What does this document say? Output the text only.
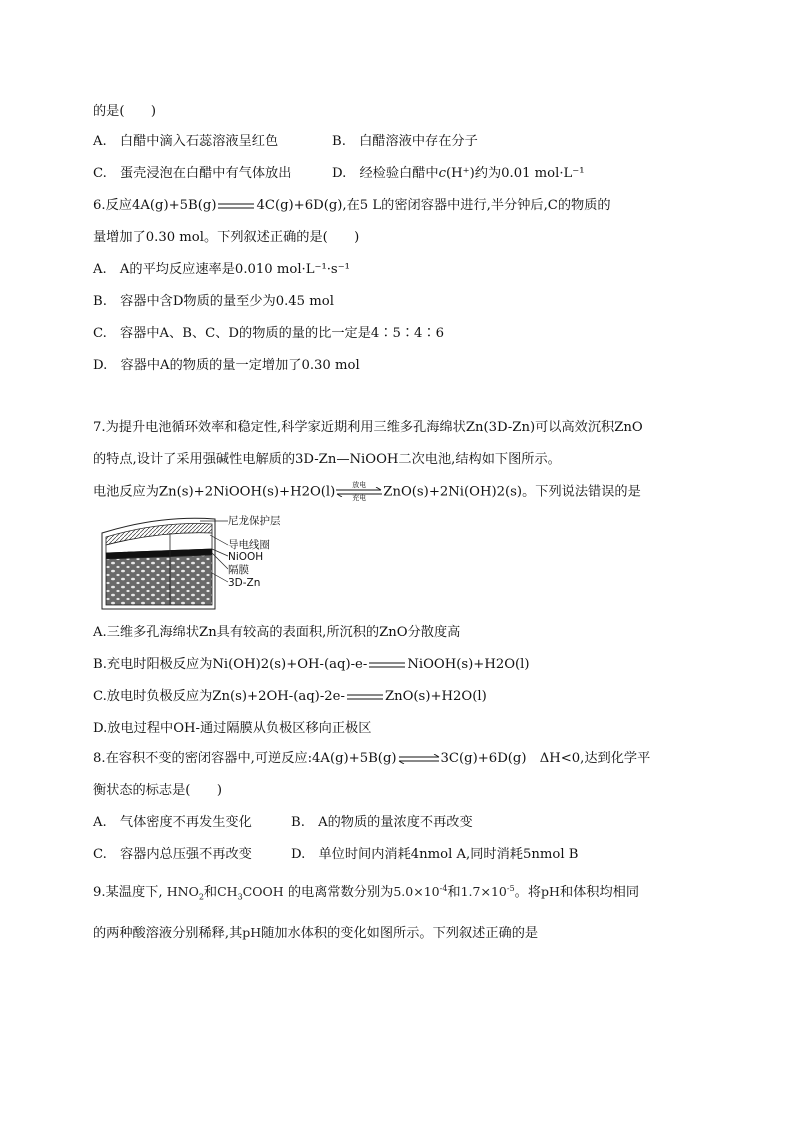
的是(　　)
A.　白醋中滴入石蕊溶液呈红色	B.　白醋溶液中存在分子
C.　蛋壳浸泡在白醋中有气体放出	D.　经检验白醋中c(H⁺)约为0.01 mol·L⁻¹
6.反应4A(g)+5B(g)	4C(g)+6D(g),在5 L的密闭容器中进行,半分钟后,C的物质的
量增加了0.30 mol。下列叙述正确的是(　　)
A.　A的平均反应速率是0.010 mol·L⁻¹·s⁻¹
B.　容器中含D物质的量至少为0.45 mol
C.　容器中A、B、C、D的物质的量的比一定是4∶5∶4∶6
D.　容器中A的物质的量一定增加了0.30 mol
7.为提升电池循环效率和稳定性,科学家近期利用三维多孔海绵状Zn(3D-Zn)可以高效沉积ZnO
的特点,设计了采用强碱性电解质的3D-Zn—NiOOH二次电池,结构如下图所示。
电池反应为Zn(s)+2NiOOH(s)+H2O(l)	放电
充电	ZnO(s)+2Ni(OH)2(s)。下列说法错误的是
尼龙保护层
导电线圈
NiOOH
隔膜
3D-Zn
A.三维多孔海绵状Zn具有较高的表面积,所沉积的ZnO分散度高
B.充电时阳极反应为Ni(OH)2(s)+OH-(aq)-e-	NiOOH(s)+H2O(l)
C.放电时负极反应为Zn(s)+2OH-(aq)-2e-	ZnO(s)+H2O(l)
D.放电过程中OH-通过隔膜从负极区移向正极区
8.在容积不变的密闭容器中,可逆反应:4A(g)+5B(g)⇌3C(g)+6D(g)　ΔH<0,达到化学平
衡状态的标志是(　　)
A.　气体密度不再发生变化	B.　A的物质的量浓度不再改变
C.　容器内总压强不再改变	D.　单位时间内消耗4nmol A,同时消耗5nmol B
9.某温度下, $HNO_2$和$CH_3COOH$ 的电离常数分别为$5.0\times 10^{-4}$和$1.7\times 10^{-5}$。将pH和体积均相同
的两种酸溶液分别稀释,其pH随加水体积的变化如图所示。下列叙述正确的是
